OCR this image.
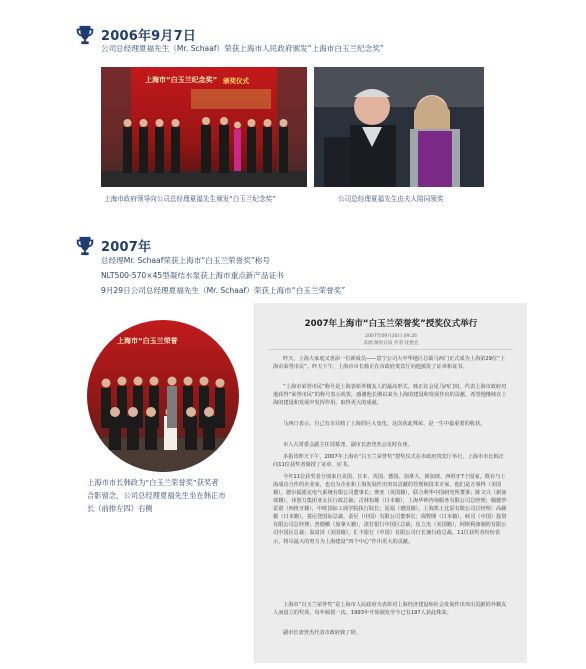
2006年9月7日
公司总经理夏福先生（Mr. Schaaf）荣获上海市人民政府颁发“上海市白玉兰纪念奖”
上海市“白玉兰纪念奖” 颁奖仪式
上海市政府领导向公司总经理夏福先生颁发“白玉兰纪念奖”	公司总经理夏福先生由夫人陪同领奖
2007年
总经理Mr. Schaaf荣获上海市“白玉兰荣誉奖”称号
NLT500-570×45型凝结水泵获上海市重点新产品证书
9月29日公司总经理夏福先生（Mr. Schaaf）荣获上海市“白玉兰荣誉奖”
上海市“白玉兰荣誉
上海市市长韩政为“白玉兰荣誉奖”获奖者
合影留念，公司总经理夏福先生坐在韩正市
长（前排左四）右侧
2007年上海市“白玉兰荣誉奖”授奖仪式举行
2007年09月30日 09:26
来源:解放日报 作者:沈艳宏
昨天，上海大家庭又喜添一位新成员——意宁公司大中华地区总裁马西门正式成为上海第29位“上海市荣誉市民”。昨天下午，上海市市长韩正在市政府贵宾厅向他颁发了证章和证书。
“上海市荣誉市民”称号是上海表彰外籍友人的最高形式。韩正在会见马西门时，代表上海市政府对他获得“荣誉市民”的称号表示祝贺，感谢他长期以来为上海的建设和发展作出的贡献，希望他继续在上海的建设和发展中发挥作用，取得更大的成就。
马西门表示，自己有幸目睹了上海的巨大变化，这次获此殊荣，是一生中最重要的收获。
市人大常委会副主任周慕尧、副市长唐登杰会见时在座。
本报讯昨天下午，2007年上海市“白玉兰荣誉奖”授奖仪式在市政府贵宾厅举行，上海市市长韩正向11位获奖者颁授了证章、证书。
今年11位获奖者分别来自美国、日本、英国、德国、加拿大、新加坡、西班牙7个国家，既有与上海成功合作的企业家，也有为企业和上海发展作出突出贡献的管理和技术专家。他们是万事得（美国籍），德尔福派克电气系统有限公司董事长；赛亚（英国籍），联合利华中国研究所董事；陈文兴（新加坡籍），伟创力集团亚太区行政总裁；古林恒雄（日本籍），上海华钟咨询服务有限公司总经理；佩德罗·雷诺（西班牙籍），中欧国际工商学院执行院长；夏福（德国籍），上海凯士比泵有限公司总经理；高藤徹（日本籍），菱尼登国际总裁、柔尼（中国）有限公司董事长；保野隆（日本籍），岐司（中国）投资有限公司总经理；普德峨（加拿大籍），渣打银行中国区总裁；伍立杰（美国籍），阿斯利康制药有限公司中国区总裁；翁富泽（美国籍），汇丰银行（中国）有限公司行长兼行政总裁。11位获奖者纷纷表示，将尽最大的努力为上海建设“四个中心”作出更大的贡献。
上海市“白玉兰荣誉奖”是上海市人民政府为表彰对上海经济建设和社会发展作出突出贡献的外籍友人而设立的奖项，每年颁授一次。1993年开始颁发至今已有197人获此殊荣。
副市长唐登杰代表市政府致了辞。
